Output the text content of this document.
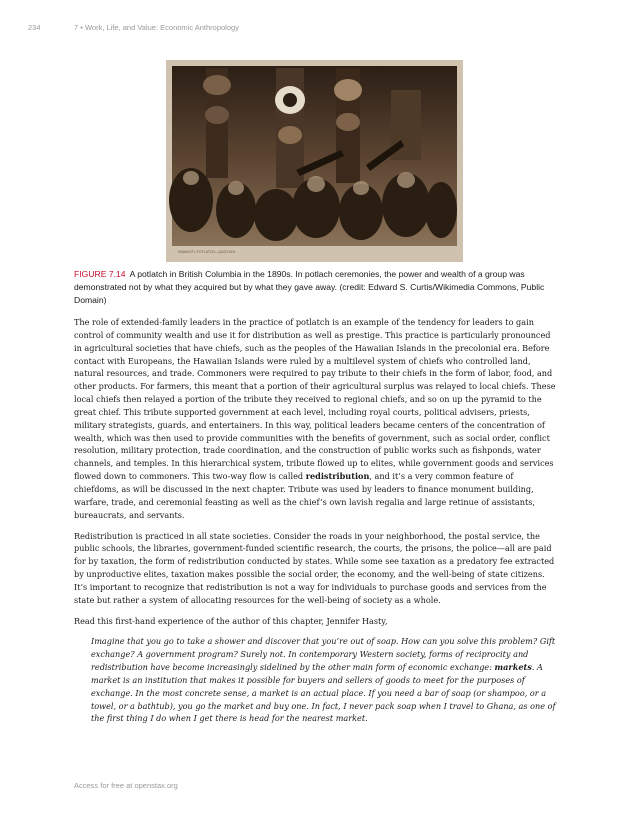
234	7 • Work, Life, and Value: Economic Anthropology
KWAKIUTL POTLATCH—QÁGYUHL
FIGURE 7.14 A potlatch in British Columbia in the 1890s. In potlach ceremonies, the power and wealth of a group was demonstrated not by what they acquired but by what they gave away. (credit: Edward S. Curtis/Wikimedia Commons, Public Domain)

The role of extended-family leaders in the practice of potlatch is an example of the tendency for leaders to gain control of community wealth and use it for distribution as well as prestige. This practice is particularly pronounced in agricultural societies that have chiefs, such as the peoples of the Hawaiian Islands in the precolonial era. Before contact with Europeans, the Hawaiian Islands were ruled by a multilevel system of chiefs who controlled land, natural resources, and trade. Commoners were required to pay tribute to their chiefs in the form of labor, food, and other products. For farmers, this meant that a portion of their agricultural surplus was relayed to local chiefs. These local chiefs then relayed a portion of the tribute they received to regional chiefs, and so on up the pyramid to the great chief. This tribute supported government at each level, including royal courts, political advisers, priests, military strategists, guards, and entertainers. In this way, political leaders became centers of the concentration of wealth, which was then used to provide communities with the benefits of government, such as social order, conflict resolution, military protection, trade coordination, and the construction of public works such as fishponds, water channels, and temples. In this hierarchical system, tribute flowed up to elites, while government goods and services flowed down to commoners. This two-way flow is called redistribution, and it’s a very common feature of chiefdoms, as will be discussed in the next chapter. Tribute was used by leaders to finance monument building, warfare, trade, and ceremonial feasting as well as the chief’s own lavish regalia and large retinue of assistants, bureaucrats, and servants.

Redistribution is practiced in all state societies. Consider the roads in your neighborhood, the postal service, the public schools, the libraries, government-funded scientific research, the courts, the prisons, the police—all are paid for by taxation, the form of redistribution conducted by states. While some see taxation as a predatory fee extracted by unproductive elites, taxation makes possible the social order, the economy, and the well-being of state citizens. It’s important to recognize that redistribution is not a way for individuals to purchase goods and services from the state but rather a system of allocating resources for the well-being of society as a whole.

Read this first-hand experience of the author of this chapter, Jennifer Hasty,

Imagine that you go to take a shower and discover that you’re out of soap. How can you solve this problem? Gift exchange? A government program? Surely not. In contemporary Western society, forms of reciprocity and redistribution have become increasingly sidelined by the other main form of economic exchange: markets. A market is an institution that makes it possible for buyers and sellers of goods to meet for the purposes of exchange. In the most concrete sense, a market is an actual place. If you need a bar of soap (or shampoo, or a towel, or a bathtub), you go the market and buy one. In fact, I never pack soap when I travel to Ghana, as one of the first thing I do when I get there is head for the nearest market.

Access for free at openstax.org
